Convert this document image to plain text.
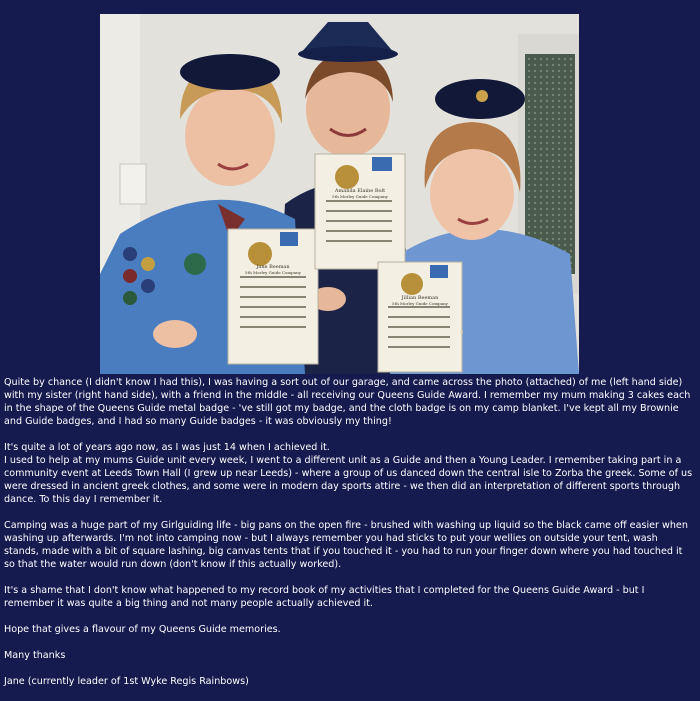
Jane Beeman
5th Morley Guide Company
Amanda Elaine Bolt
5th Morley Guide Company
Jillian Beeman
5th Morley Guide Company

Quite by chance (I didn't know I had this), I was having a sort out of our garage, and came across the photo (attached) of me (left hand side) with my sister (right hand side), with a friend in the middle - all receiving our Queens Guide Award. I remember my mum making 3 cakes each in the shape of the Queens Guide metal badge - 've still got my badge, and the cloth badge is on my camp blanket. I've kept all my Brownie and Guide badges, and I had so many Guide badges - it was obviously my thing!

It's quite a lot of years ago now, as I was just 14 when I achieved it.

I used to help at my mums Guide unit every week, I went to a different unit as a Guide and then a Young Leader. I remember taking part in a community event at Leeds Town Hall (I grew up near Leeds) - where a group of us danced down the central isle to Zorba the greek. Some of us were dressed in ancient greek clothes, and some were in modern day sports attire - we then did an interpretation of different sports through dance. To this day I remember it.

Camping was a huge part of my Girlguiding life - big pans on the open fire - brushed with washing up liquid so the black came off easier when washing up afterwards. I'm not into camping now - but I always remember you had sticks to put your wellies on outside your tent, wash stands, made with a bit of square lashing, big canvas tents that if you touched it - you had to run your finger down where you had touched it so that the water would run down (don't know if this actually worked).

It's a shame that I don't know what happened to my record book of my activities that I completed for the Queens Guide Award - but I remember it was quite a big thing and not many people actually achieved it.

Hope that gives a flavour of my Queens Guide memories.

Many thanks

Jane (currently leader of 1st Wyke Regis Rainbows)
